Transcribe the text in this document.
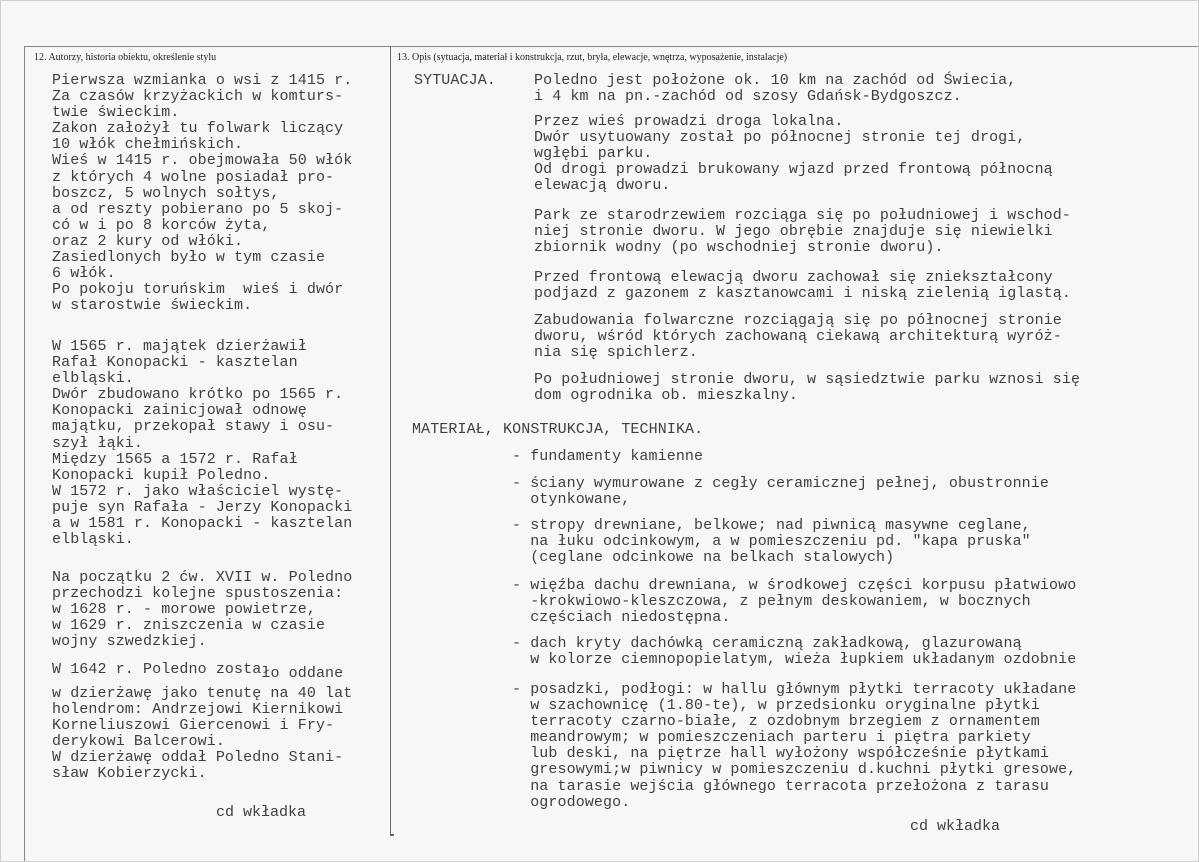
12. Autorzy, historia obiektu, określenie stylu	13. Opis (sytuacja, materiał i konstrukcja, rzut, bryła, elewacje, wnętrza, wyposażenie, instalacje)
Pierwsza wzmianka o wsi z 1415 r.
Za czasów krzyżackich w komturs-
twie świeckim.
Zakon założył tu folwark liczący
10 włók chełmińskich.
Wieś w 1415 r. obejmowała 50 włók
z których 4 wolne posiadał pro-
boszcz, 5 wolnych sołtys,
a od reszty pobierano po 5 skoj-
có w i po 8 korców żyta,
oraz 2 kury od włóki.
Zasiedlonych było w tym czasie
6 włók.
Po pokoju toruńskim  wieś i dwór
w starostwie świeckim.
W 1565 r. majątek dzierżawił
Rafał Konopacki - kasztelan
elbląski.
Dwór zbudowano krótko po 1565 r.
Konopacki zainicjował odnowę
majątku, przekopał stawy i osu-
szył łąki.
Między 1565 a 1572 r. Rafał
Konopacki kupił Poledno.
W 1572 r. jako właściciel wystę-
puje syn Rafała - Jerzy Konopacki
a w 1581 r. Konopacki - kasztelan
elbląski.
Na początku 2 ćw. XVII w. Poledno
przechodzi kolejne spustoszenia:
w 1628 r. - morowe powietrze,
w 1629 r. zniszczenia w czasie
wojny szwedzkiej.
W 1642 r. Poledno zostało oddane
w dzierżawę jako tenutę na 40 lat
holendrom: Andrzejowi Kiernikowi
Korneliuszowi Giercenowi i Fry-
derykowi Balcerowi.
W dzierżawę oddał Poledno Stani-
sław Kobierzycki.
cd wkładka
SYTUACJA.	Poledno jest położone ok. 10 km na zachód od Świecia,
i 4 km na pn.-zachód od szosy Gdańsk-Bydgoszcz.
Przez wieś prowadzi droga lokalna.
Dwór usytuowany został po północnej stronie tej drogi,
wgłębi parku.
Od drogi prowadzi brukowany wjazd przed frontową północną
elewacją dworu.
Park ze starodrzewiem rozciąga się po południowej i wschod-
niej stronie dworu. W jego obrębie znajduje się niewielki
zbiornik wodny (po wschodniej stronie dworu).
Przed frontową elewacją dworu zachował się zniekształcony
podjazd z gazonem z kasztanowcami i niską zielenią iglastą.
Zabudowania folwarczne rozciągają się po północnej stronie
dworu, wśród których zachowaną ciekawą architekturą wyróż-
nia się spichlerz.
Po południowej stronie dworu, w sąsiedztwie parku wznosi się
dom ogrodnika ob. mieszkalny.
MATERIAŁ, KONSTRUKCJA, TECHNIKA.
- fundamenty kamienne
- ściany wymurowane z cegły ceramicznej pełnej, obustronnie
otynkowane,
- stropy drewniane, belkowe; nad piwnicą masywne ceglane,
na łuku odcinkowym, a w pomieszczeniu pd. "kapa pruska"
(ceglane odcinkowe na belkach stalowych)
- więźba dachu drewniana, w środkowej części korpusu płatwiowo
-krokwiowo-kleszczowa, z pełnym deskowaniem, w bocznych
częściach niedostępna.
- dach kryty dachówką ceramiczną zakładkową, glazurowaną
w kolorze ciemnopopielatym, wieża łupkiem układanym ozdobnie
- posadzki, podłogi: w hallu głównym płytki terracoty układane
w szachownicę (1.80-te), w przedsionku oryginalne płytki
terracoty czarno-białe, z ozdobnym brzegiem z ornamentem
meandrowym; w pomieszczeniach parteru i piętra parkiety
lub deski, na piętrze hall wyłożony współcześnie płytkami
gresowymi;w piwnicy w pomieszczeniu d.kuchni płytki gresowe,
na tarasie wejścia głównego terracota przełożona z tarasu
ogrodowego.
cd wkładka
